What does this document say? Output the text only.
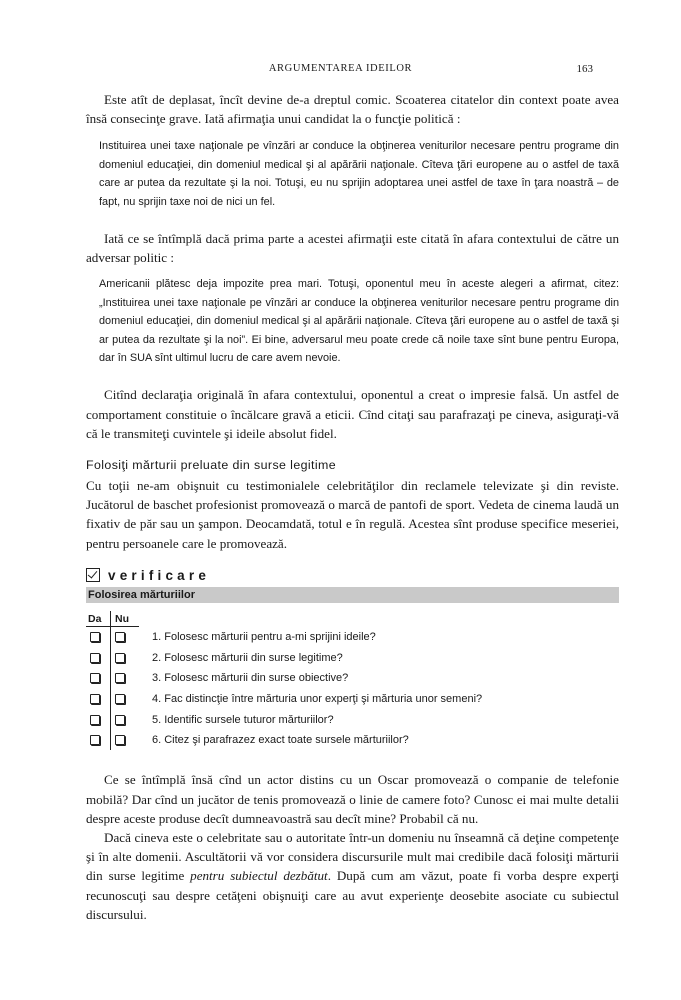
ARGUMENTAREA IDEILOR	163

Este atît de deplasat, încît devine de-a dreptul comic. Scoaterea citatelor din context poate avea însă consecinţe grave. Iată afirmaţia unui candidat la o funcţie politică :

Instituirea unei taxe naţionale pe vînzări ar conduce la obţinerea veniturilor necesare pentru programe din domeniul educaţiei, din domeniul medical şi al apărării naţionale. Cîteva ţări europene au o astfel de taxă care ar putea da rezultate şi la noi. Totuşi, eu nu sprijin adoptarea unei astfel de taxe în ţara noastră – de fapt, nu sprijin taxe noi de nici un fel.

Iată ce se întîmplă dacă prima parte a acestei afirmaţii este citată în afara contextului de către un adversar politic :

Americanii plătesc deja impozite prea mari. Totuşi, oponentul meu în aceste alegeri a afirmat, citez: „Instituirea unei taxe naţionale pe vînzări ar conduce la obţinerea veniturilor necesare pentru programe din domeniul educaţiei, din domeniul medical şi al apărării naţionale. Cîteva ţări europene au o astfel de taxă şi ar putea da rezultate şi la noi”. Ei bine, adversarul meu poate crede că noile taxe sînt bune pentru Europa, dar în SUA sînt ultimul lucru de care avem nevoie.

Citînd declaraţia originală în afara contextului, oponentul a creat o impresie falsă. Un astfel de comportament constituie o încălcare gravă a eticii. Cînd citaţi sau parafrazaţi pe cineva, asiguraţi-vă că le transmiteţi cuvintele şi ideile absolut fidel.

Folosiţi mărturii preluate din surse legitime

Cu toţii ne-am obişnuit cu testimonialele celebrităţilor din reclamele televizate şi din reviste. Jucătorul de baschet profesionist promovează o marcă de pantofi de sport. Vedeta de cinema laudă un fixativ de păr sau un şampon. Deocamdată, totul e în regulă. Acestea sînt produse specifice meseriei, pentru persoanele care le promovează.

verificare
Folosirea mărturiilor
Da	Nu
1. Folosesc mărturii pentru a-mi sprijini ideile?
2. Folosesc mărturii din surse legitime?
3. Folosesc mărturii din surse obiective?
4. Fac distincţie între mărturia unor experţi şi mărturia unor semeni?
5. Identific sursele tuturor mărturiilor?
6. Citez şi parafrazez exact toate sursele mărturiilor?

Ce se întîmplă însă cînd un actor distins cu un Oscar promovează o companie de telefonie mobilă? Dar cînd un jucător de tenis promovează o linie de camere foto? Cunosc ei mai multe detalii despre aceste produse decît dumneavoastră sau decît mine? Probabil că nu.

Dacă cineva este o celebritate sau o autoritate într-un domeniu nu înseamnă că deţine competenţe şi în alte domenii. Ascultătorii vă vor considera discursurile mult mai credibile dacă folosiţi mărturii din surse legitime pentru subiectul dezbătut. După cum am văzut, poate fi vorba despre experţi recunoscuţi sau despre cetăţeni obişnuiţi care au avut experienţe deosebite asociate cu subiectul discursului.
